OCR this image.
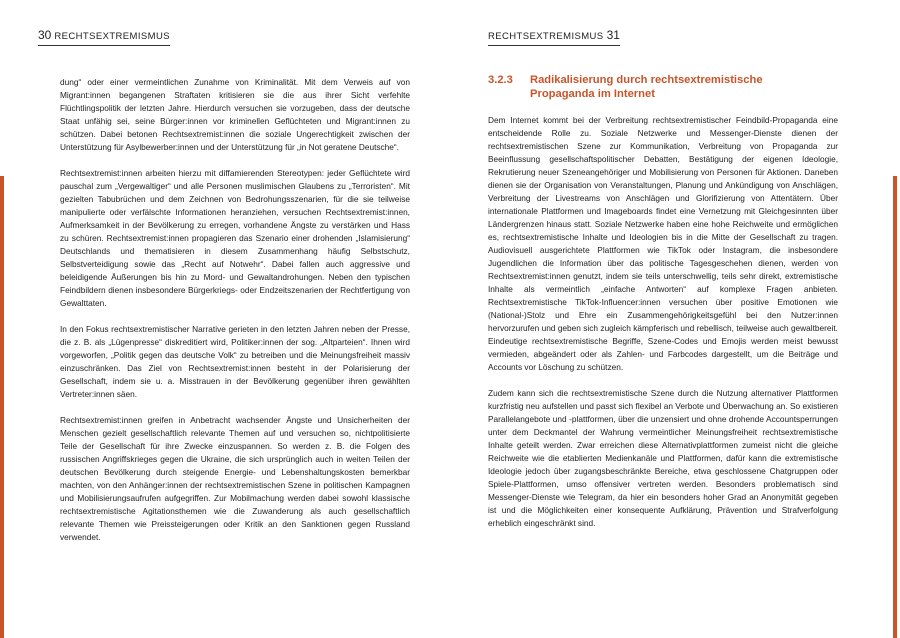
30 RECHTSEXTREMISMUS	RECHTSEXTREMISMUS 31

dung“ oder einer vermeintlichen Zunahme von Kriminalität. Mit dem Verweis auf von Migrant:innen begangenen Straftaten kritisieren sie die aus ihrer Sicht verfehlte Flüchtlingspolitik der letzten Jahre. Hierdurch versuchen sie vorzugeben, dass der deutsche Staat unfähig sei, seine Bürger:innen vor kriminellen Geflüchteten und Migrant:innen zu schützen. Dabei betonen Rechtsextremist:innen die soziale Ungerechtigkeit zwischen der Unterstützung für Asylbewerber:innen und der Unterstützung für „in Not geratene Deutsche“.

Rechtsextremist:innen arbeiten hierzu mit diffamierenden Stereotypen: jeder Geflüchtete wird pauschal zum „Vergewaltiger“ und alle Personen muslimischen Glaubens zu „Terroristen“. Mit gezielten Tabubrüchen und dem Zeichnen von Bedrohungsszenarien, für die sie teilweise manipulierte oder verfälschte Informationen heranziehen, versuchen Rechtsextremist:innen, Aufmerksamkeit in der Bevölkerung zu erregen, vorhandene Ängste zu verstärken und Hass zu schüren. Rechtsextremist:innen propagieren das Szenario einer drohenden „Islamisierung“ Deutschlands und thematisieren in diesem Zusammenhang häufig Selbstschutz, Selbstverteidigung sowie das „Recht auf Notwehr“. Dabei fallen auch aggressive und beleidigende Äußerungen bis hin zu Mord- und Gewaltandrohungen. Neben den typischen Feindbildern dienen insbesondere Bürgerkriegs- oder Endzeitszenarien der Rechtfertigung von Gewalttaten.

In den Fokus rechtsextremistischer Narrative gerieten in den letzten Jahren neben der Presse, die z. B. als „Lügenpresse“ diskreditiert wird, Politiker:innen der sog. „Altparteien“. Ihnen wird vorgeworfen, „Politik gegen das deutsche Volk“ zu betreiben und die Meinungsfreiheit massiv einzuschränken. Das Ziel von Rechtsextremist:innen besteht in der Polarisierung der Gesellschaft, indem sie u. a. Misstrauen in der Bevölkerung gegenüber ihren gewählten Vertreter:innen säen.

Rechtsextremist:innen greifen in Anbetracht wachsender Ängste und Unsicherheiten der Menschen gezielt gesellschaftlich relevante Themen auf und versuchen so, nichtpolitisierte Teile der Gesellschaft für ihre Zwecke einzuspannen. So werden z. B. die Folgen des russischen Angriffskrieges gegen die Ukraine, die sich ursprünglich auch in weiten Teilen der deutschen Bevölkerung durch steigende Energie- und Lebenshaltungskosten bemerkbar machten, von den Anhänger:innen der rechtsextremistischen Szene in politischen Kampagnen und Mobilisierungsaufrufen aufgegriffen. Zur Mobilmachung werden dabei sowohl klassische rechtsextremistische Agitationsthemen wie die Zuwanderung als auch gesellschaftlich relevante Themen wie Preissteigerungen oder Kritik an den Sanktionen gegen Russland verwendet.

3.2.3	Radikalisierung durch rechtsextremistische Propaganda im Internet

Dem Internet kommt bei der Verbreitung rechtsextremistischer Feindbild-Propaganda eine entscheidende Rolle zu. Soziale Netzwerke und Messenger-Dienste dienen der rechtsextremistischen Szene zur Kommunikation, Verbreitung von Propaganda zur Beeinflussung gesellschaftspolitischer Debatten, Bestätigung der eigenen Ideologie, Rekrutierung neuer Szeneangehöriger und Mobilisierung von Personen für Aktionen. Daneben dienen sie der Organisation von Veranstaltungen, Planung und Ankündigung von Anschlägen, Verbreitung der Livestreams von Anschlägen und Glorifizierung von Attentätern. Über internationale Plattformen und Imageboards findet eine Vernetzung mit Gleichgesinnten über Ländergrenzen hinaus statt. Soziale Netzwerke haben eine hohe Reichweite und ermöglichen es, rechtsextremistische Inhalte und Ideologien bis in die Mitte der Gesellschaft zu tragen. Audiovisuell ausgerichtete Plattformen wie TikTok oder Instagram, die insbesondere Jugendlichen die Information über das politische Tagesgeschehen dienen, werden von Rechtsextremist:innen genutzt, indem sie teils unterschwellig, teils sehr direkt, extremistische Inhalte als vermeintlich „einfache Antworten“ auf komplexe Fragen anbieten. Rechtsextremistische TikTok-Influencer:innen versuchen über positive Emotionen wie (National-)Stolz und Ehre ein Zusammengehörigkeitsgefühl bei den Nutzer:innen hervorzurufen und geben sich zugleich kämpferisch und rebellisch, teilweise auch gewaltbereit. Eindeutige rechtsextremistische Begriffe, Szene-Codes und Emojis werden meist bewusst vermieden, abgeändert oder als Zahlen- und Farbcodes dargestellt, um die Beiträge und Accounts vor Löschung zu schützen.

Zudem kann sich die rechtsextremistische Szene durch die Nutzung alternativer Plattformen kurzfristig neu aufstellen und passt sich flexibel an Verbote und Überwachung an. So existieren Parallelangebote und -plattformen, über die unzensiert und ohne drohende Accountsperrungen unter dem Deckmantel der Wahrung vermeintlicher Meinungsfreiheit rechtsextremistische Inhalte geteilt werden. Zwar erreichen diese Alternativplattformen zumeist nicht die gleiche Reichweite wie die etablierten Medienkanäle und Plattformen, dafür kann die extremistische Ideologie jedoch über zugangsbeschränkte Bereiche, etwa geschlossene Chatgruppen oder Spiele-Plattformen, umso offensiver vertreten werden. Besonders problematisch sind Messenger-Dienste wie Telegram, da hier ein besonders hoher Grad an Anonymität gegeben ist und die Möglichkeiten einer konsequente Aufklärung, Prävention und Strafverfolgung erheblich eingeschränkt sind.
